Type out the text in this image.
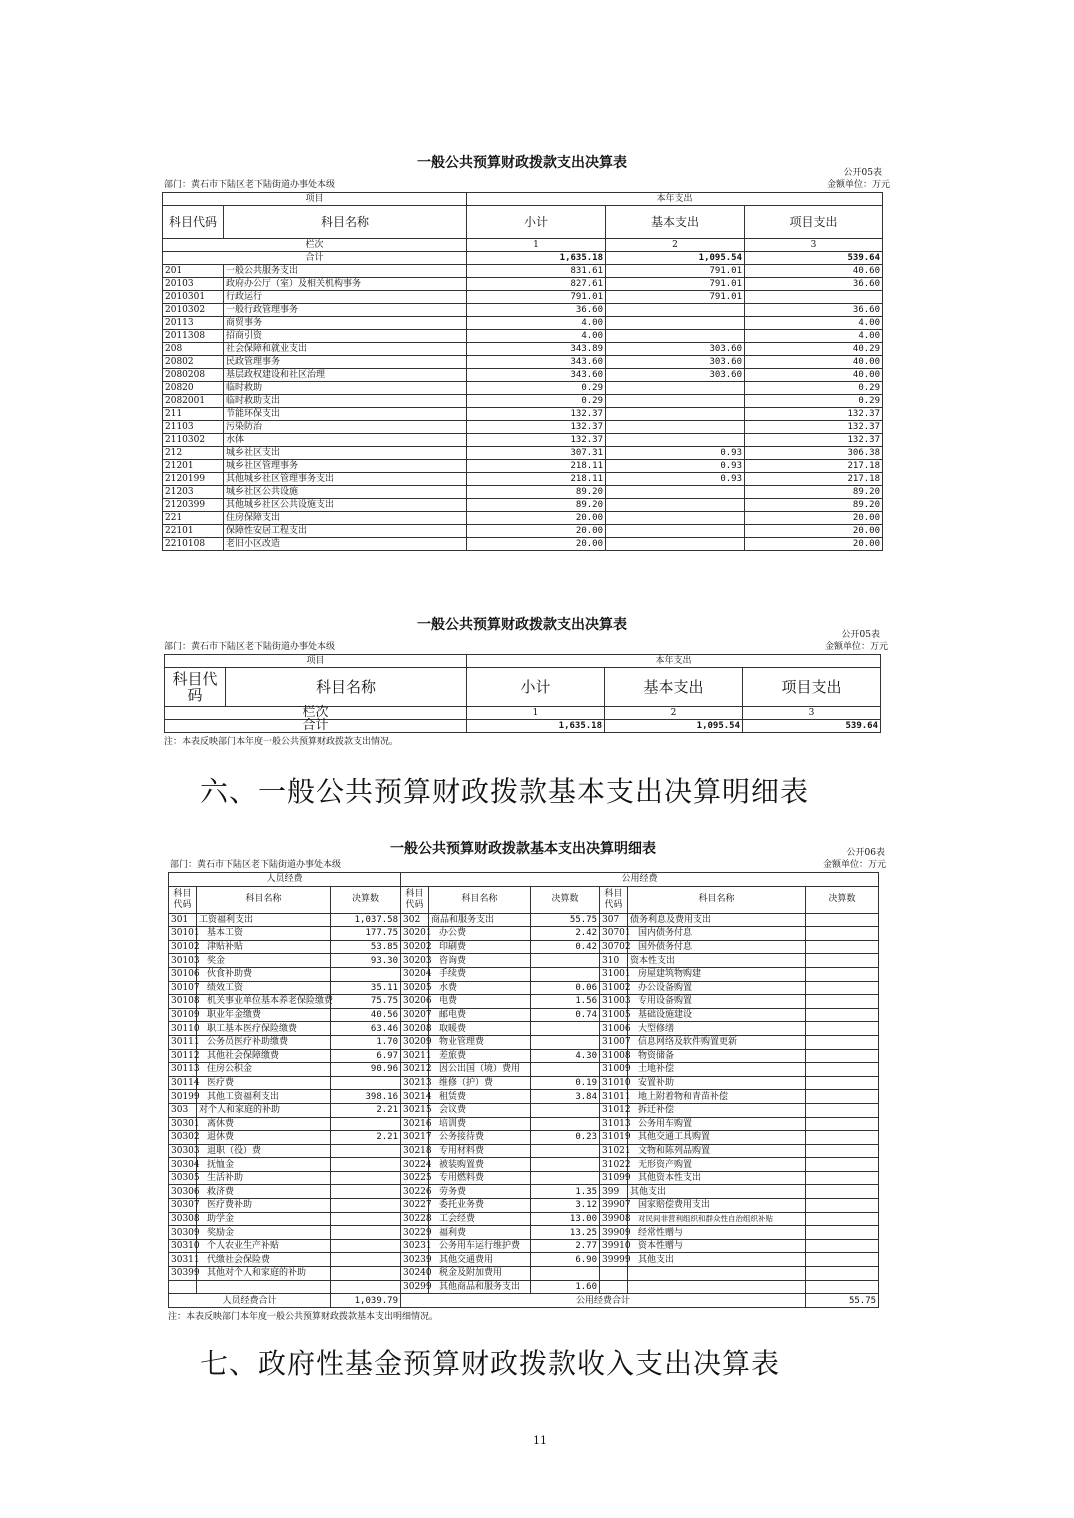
一般公共预算财政拨款支出决算表
公开05表
部门：黄石市下陆区老下陆街道办事处本级	金额单位：万元
项目		本年支出		
科目代码	科目名称	小计	基本支出	项目支出
栏次		1	2	3
合计		1,635.18	1,095.54	539.64
201	一般公共服务支出	831.61	791.01	40.60
20103	政府办公厅（室）及相关机构事务	827.61	791.01	36.60
2010301	行政运行	791.01	791.01	
2010302	一般行政管理事务	36.60		36.60
20113	商贸事务	4.00		4.00
2011308	招商引资	4.00		4.00
208	社会保障和就业支出	343.89	303.60	40.29
20802	民政管理事务	343.60	303.60	40.00
2080208	基层政权建设和社区治理	343.60	303.60	40.00
20820	临时救助	0.29		0.29
2082001	临时救助支出	0.29		0.29
211	节能环保支出	132.37		132.37
21103	污染防治	132.37		132.37
2110302	水体	132.37		132.37
212	城乡社区支出	307.31	0.93	306.38
21201	城乡社区管理事务	218.11	0.93	217.18
2120199	其他城乡社区管理事务支出	218.11	0.93	217.18
21203	城乡社区公共设施	89.20		89.20
2120399	其他城乡社区公共设施支出	89.20		89.20
221	住房保障支出	20.00		20.00
22101	保障性安居工程支出	20.00		20.00
2210108	老旧小区改造	20.00		20.00
一般公共预算财政拨款支出决算表
公开05表
部门：黄石市下陆区老下陆街道办事处本级	金额单位：万元
项目		本年支出		
科目代码	科目名称	小计	基本支出	项目支出
栏次		1	2	3
合计		1,635.18	1,095.54	539.64
注：本表反映部门本年度一般公共预算财政拨款支出情况。
六、一般公共预算财政拨款基本支出决算明细表
一般公共预算财政拨款基本支出决算明细表	公开06表
部门：黄石市下陆区老下陆街道办事处本级	金额单位：万元
人员经费			公用经费					
科目代码	科目名称	决算数	科目代码	科目名称	决算数	科目代码	科目名称	决算数
301	工资福利支出	1,037.58	302	商品和服务支出	55.75	307	债务利息及费用支出	
30101	基本工资	177.75	30201	办公费	2.42	30701	国内债务付息	
30102	津贴补贴	53.85	30202	印刷费	0.42	30702	国外债务付息	
30103	奖金	93.30	30203	咨询费		310	资本性支出	
30106	伙食补助费		30204	手续费		31001	房屋建筑物购建	
30107	绩效工资	35.11	30205	水费	0.06	31002	办公设备购置	
30108	机关事业单位基本养老保险缴费	75.75	30206	电费	1.56	31003	专用设备购置	
30109	职业年金缴费	40.56	30207	邮电费	0.74	31005	基础设施建设	
30110	职工基本医疗保险缴费	63.46	30208	取暖费		31006	大型修缮	
30111	公务员医疗补助缴费	1.70	30209	物业管理费		31007	信息网络及软件购置更新	
30112	其他社会保障缴费	6.97	30211	差旅费	4.30	31008	物资储备	
30113	住房公积金	90.96	30212	因公出国（境）费用		31009	土地补偿	
30114	医疗费		30213	维修（护）费	0.19	31010	安置补助	
30199	其他工资福利支出	398.16	30214	租赁费	3.84	31011	地上附着物和青苗补偿	
303	对个人和家庭的补助	2.21	30215	会议费		31012	拆迁补偿	
30301	离休费		30216	培训费		31013	公务用车购置	
30302	退休费	2.21	30217	公务接待费	0.23	31019	其他交通工具购置	
30303	退职（役）费		30218	专用材料费		31021	文物和陈列品购置	
30304	抚恤金		30224	被装购置费		31022	无形资产购置	
30305	生活补助		30225	专用燃料费		31099	其他资本性支出	
30306	救济费		30226	劳务费	1.35	399	其他支出	
30307	医疗费补助		30227	委托业务费	3.12	39907	国家赔偿费用支出	
30308	助学金		30228	工会经费	13.00	39908	对民间非营利组织和群众性自治组织补贴	
30309	奖励金		30229	福利费	13.25	39909	经常性赠与	
30310	个人农业生产补贴		30231	公务用车运行维护费	2.77	39910	资本性赠与	
30311	代缴社会保险费		30239	其他交通费用	6.90	39999	其他支出	
30399	其他对个人和家庭的补助		30240	税金及附加费用				
			30299	其他商品和服务支出	1.60			
人员经费合计		1,039.79	公用经费合计					55.75
注：本表反映部门本年度一般公共预算财政拨款基本支出明细情况。
七、政府性基金预算财政拨款收入支出决算表
11
